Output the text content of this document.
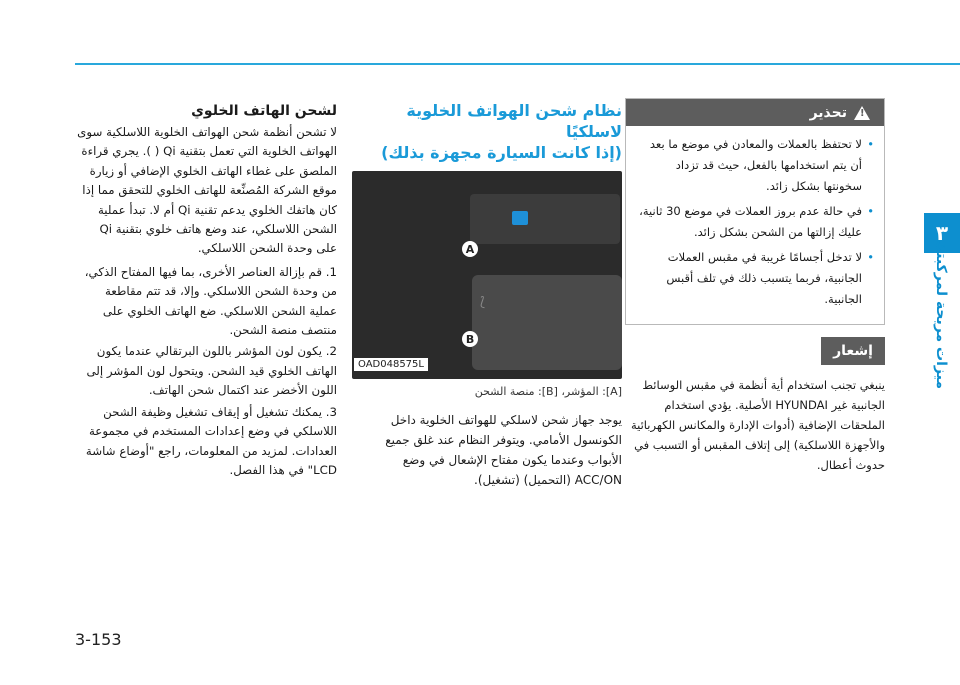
٣
ميزات مريحة لمركبتك
3-153
!
تحذير
• لا تحتفظ بالعملات والمعادن في موضع ما بعد أن يتم استخدامها بالفعل، حيث قد تزداد سخونتها بشكل زائد.
• في حالة عدم بروز العملات في موضع 30 ثانية، عليك إزالتها من الشحن بشكل زائد.
• لا تدخل أجسامًا غريبة في مقبس العملات الجانبية، فربما يتسبب ذلك في تلف أقبس الجانبية.
إشعار
ينبغي تجنب استخدام أية أنظمة في مقبس الوسائط الجانبية غير HYUNDAI الأصلية. يؤدي استخدام الملحقات الإضافية (أدوات الإدارة والمكانس الكهربائية والأجهزة اللاسلكية) إلى إتلاف المقبس أو التسبب في حدوث أعطال.
نظام شحن الهواتف الخلوية لاسلكيًا
(إذا كانت السيارة مجهزة بذلك)
⟆
A
B
OAD048575L
[A]: المؤشر، [B]: منصة الشحن
يوجد جهاز شحن لاسلكي للهواتف الخلوية داخل الكونسول الأمامي. ويتوفر النظام عند غلق جميع الأبواب وعندما يكون مفتاح الإشعال في وضع ACC/ON (التحميل) (تشغيل).
لشحن الهاتف الخلوي
لا تشحن أنظمة شحن الهواتف الخلوية اللاسلكية سوى الهواتف الخلوية التي تعمل بتقنية Qi ( ). يجري قراءة الملصق على غطاء الهاتف الخلوي الإضافي أو زيارة موقع الشركة المُصنِّعة للهاتف الخلوي للتحقق مما إذا كان هاتفك الخلوي يدعم تقنية Qi أم لا. تبدأ عملية الشحن اللاسلكي، عند وضع هاتف خلوي بتقنية Qi على وحدة الشحن اللاسلكي.
1. قم بإزالة العناصر الأخرى، بما فيها المفتاح الذكي، من وحدة الشحن اللاسلكي. وإلا، قد تتم مقاطعة عملية الشحن اللاسلكي. ضع الهاتف الخلوي على منتصف منصة الشحن.
2. يكون لون المؤشر باللون البرتقالي عندما يكون الهاتف الخلوي قيد الشحن. ويتحول لون المؤشر إلى اللون الأخضر عند اكتمال شحن الهاتف.
3. يمكنك تشغيل أو إيقاف تشغيل وظيفة الشحن اللاسلكي في وضع إعدادات المستخدم في مجموعة العدادات. لمزيد من المعلومات، راجع "أوضاع شاشة LCD" في هذا الفصل.
